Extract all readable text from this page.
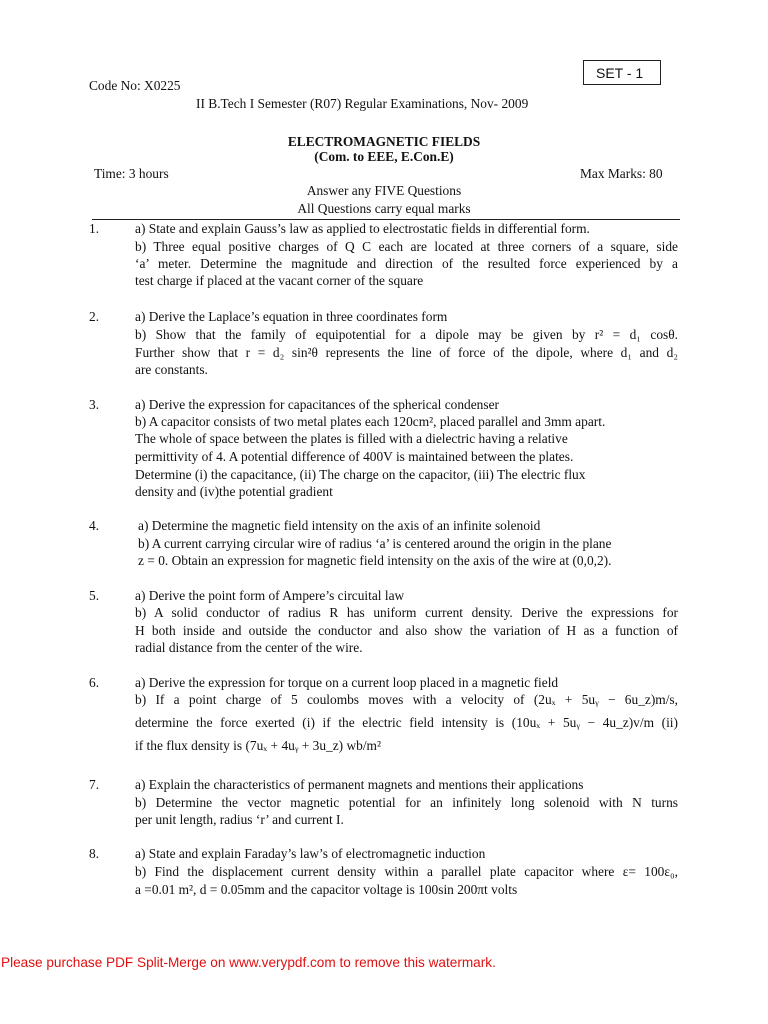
SET - 1
Code No: X0225
II B.Tech I Semester (R07) Regular Examinations, Nov- 2009
ELECTROMAGNETIC FIELDS
(Com. to EEE, E.Con.E)
Time: 3 hours	Max Marks: 80
Answer any FIVE Questions
All Questions carry equal marks
1.	a) State and explain Gauss’s law as applied to electrostatic fields in differential form.
b) Three equal positive charges of Q C each are located at three corners of a square, side
‘a’ meter. Determine the magnitude and direction of the resulted force experienced by a
test charge if placed at the vacant corner of the square
2.	a) Derive the Laplace’s equation in three coordinates form
b) Show that the family of equipotential for a dipole may be given by r² = d₁ cosθ.
Further show that r = d₂ sin²θ represents the line of force of the dipole, where d₁ and d₂
are constants.
3.	a) Derive the expression for capacitances of the spherical condenser
b) A capacitor consists of two metal plates each 120cm², placed parallel and 3mm apart.
The whole of space between the plates is filled with a dielectric having a relative
permittivity of 4. A potential difference of 400V is maintained between the plates.
Determine (i) the capacitance, (ii) The charge on the capacitor, (iii) The electric flux
density and (iv)the potential gradient
4.	a) Determine the magnetic field intensity on the axis of an infinite solenoid
b) A current carrying circular wire of radius ‘a’ is centered around the origin in the plane
z = 0. Obtain an expression for magnetic field intensity on the axis of the wire at (0,0,2).
5.	a) Derive the point form of Ampere’s circuital law
b) A solid conductor of radius R has uniform current density. Derive the expressions for
H both inside and outside the conductor and also show the variation of H as a function of
radial distance from the center of the wire.
6.	a) Derive the expression for torque on a current loop placed in a magnetic field
b) If a point charge of 5 coulombs moves with a velocity of (2uₓ + 5uᵧ − 6u_z)m/s,
determine the force exerted (i) if the electric field intensity is (10uₓ + 5uᵧ − 4u_z)v/m (ii)
if the flux density is (7uₓ + 4uᵧ + 3u_z) wb/m²
7.	a) Explain the characteristics of permanent magnets and mentions their applications
b) Determine the vector magnetic potential for an infinitely long solenoid with N turns
per unit length, radius ‘r’ and current I.
8.	a) State and explain Faraday’s law’s of electromagnetic induction
b) Find the displacement current density within a parallel plate capacitor where ε= 100ε₀,
a =0.01 m², d = 0.05mm and the capacitor voltage is 100sin 200πt volts
Please purchase PDF Split-Merge on www.verypdf.com to remove this watermark.
